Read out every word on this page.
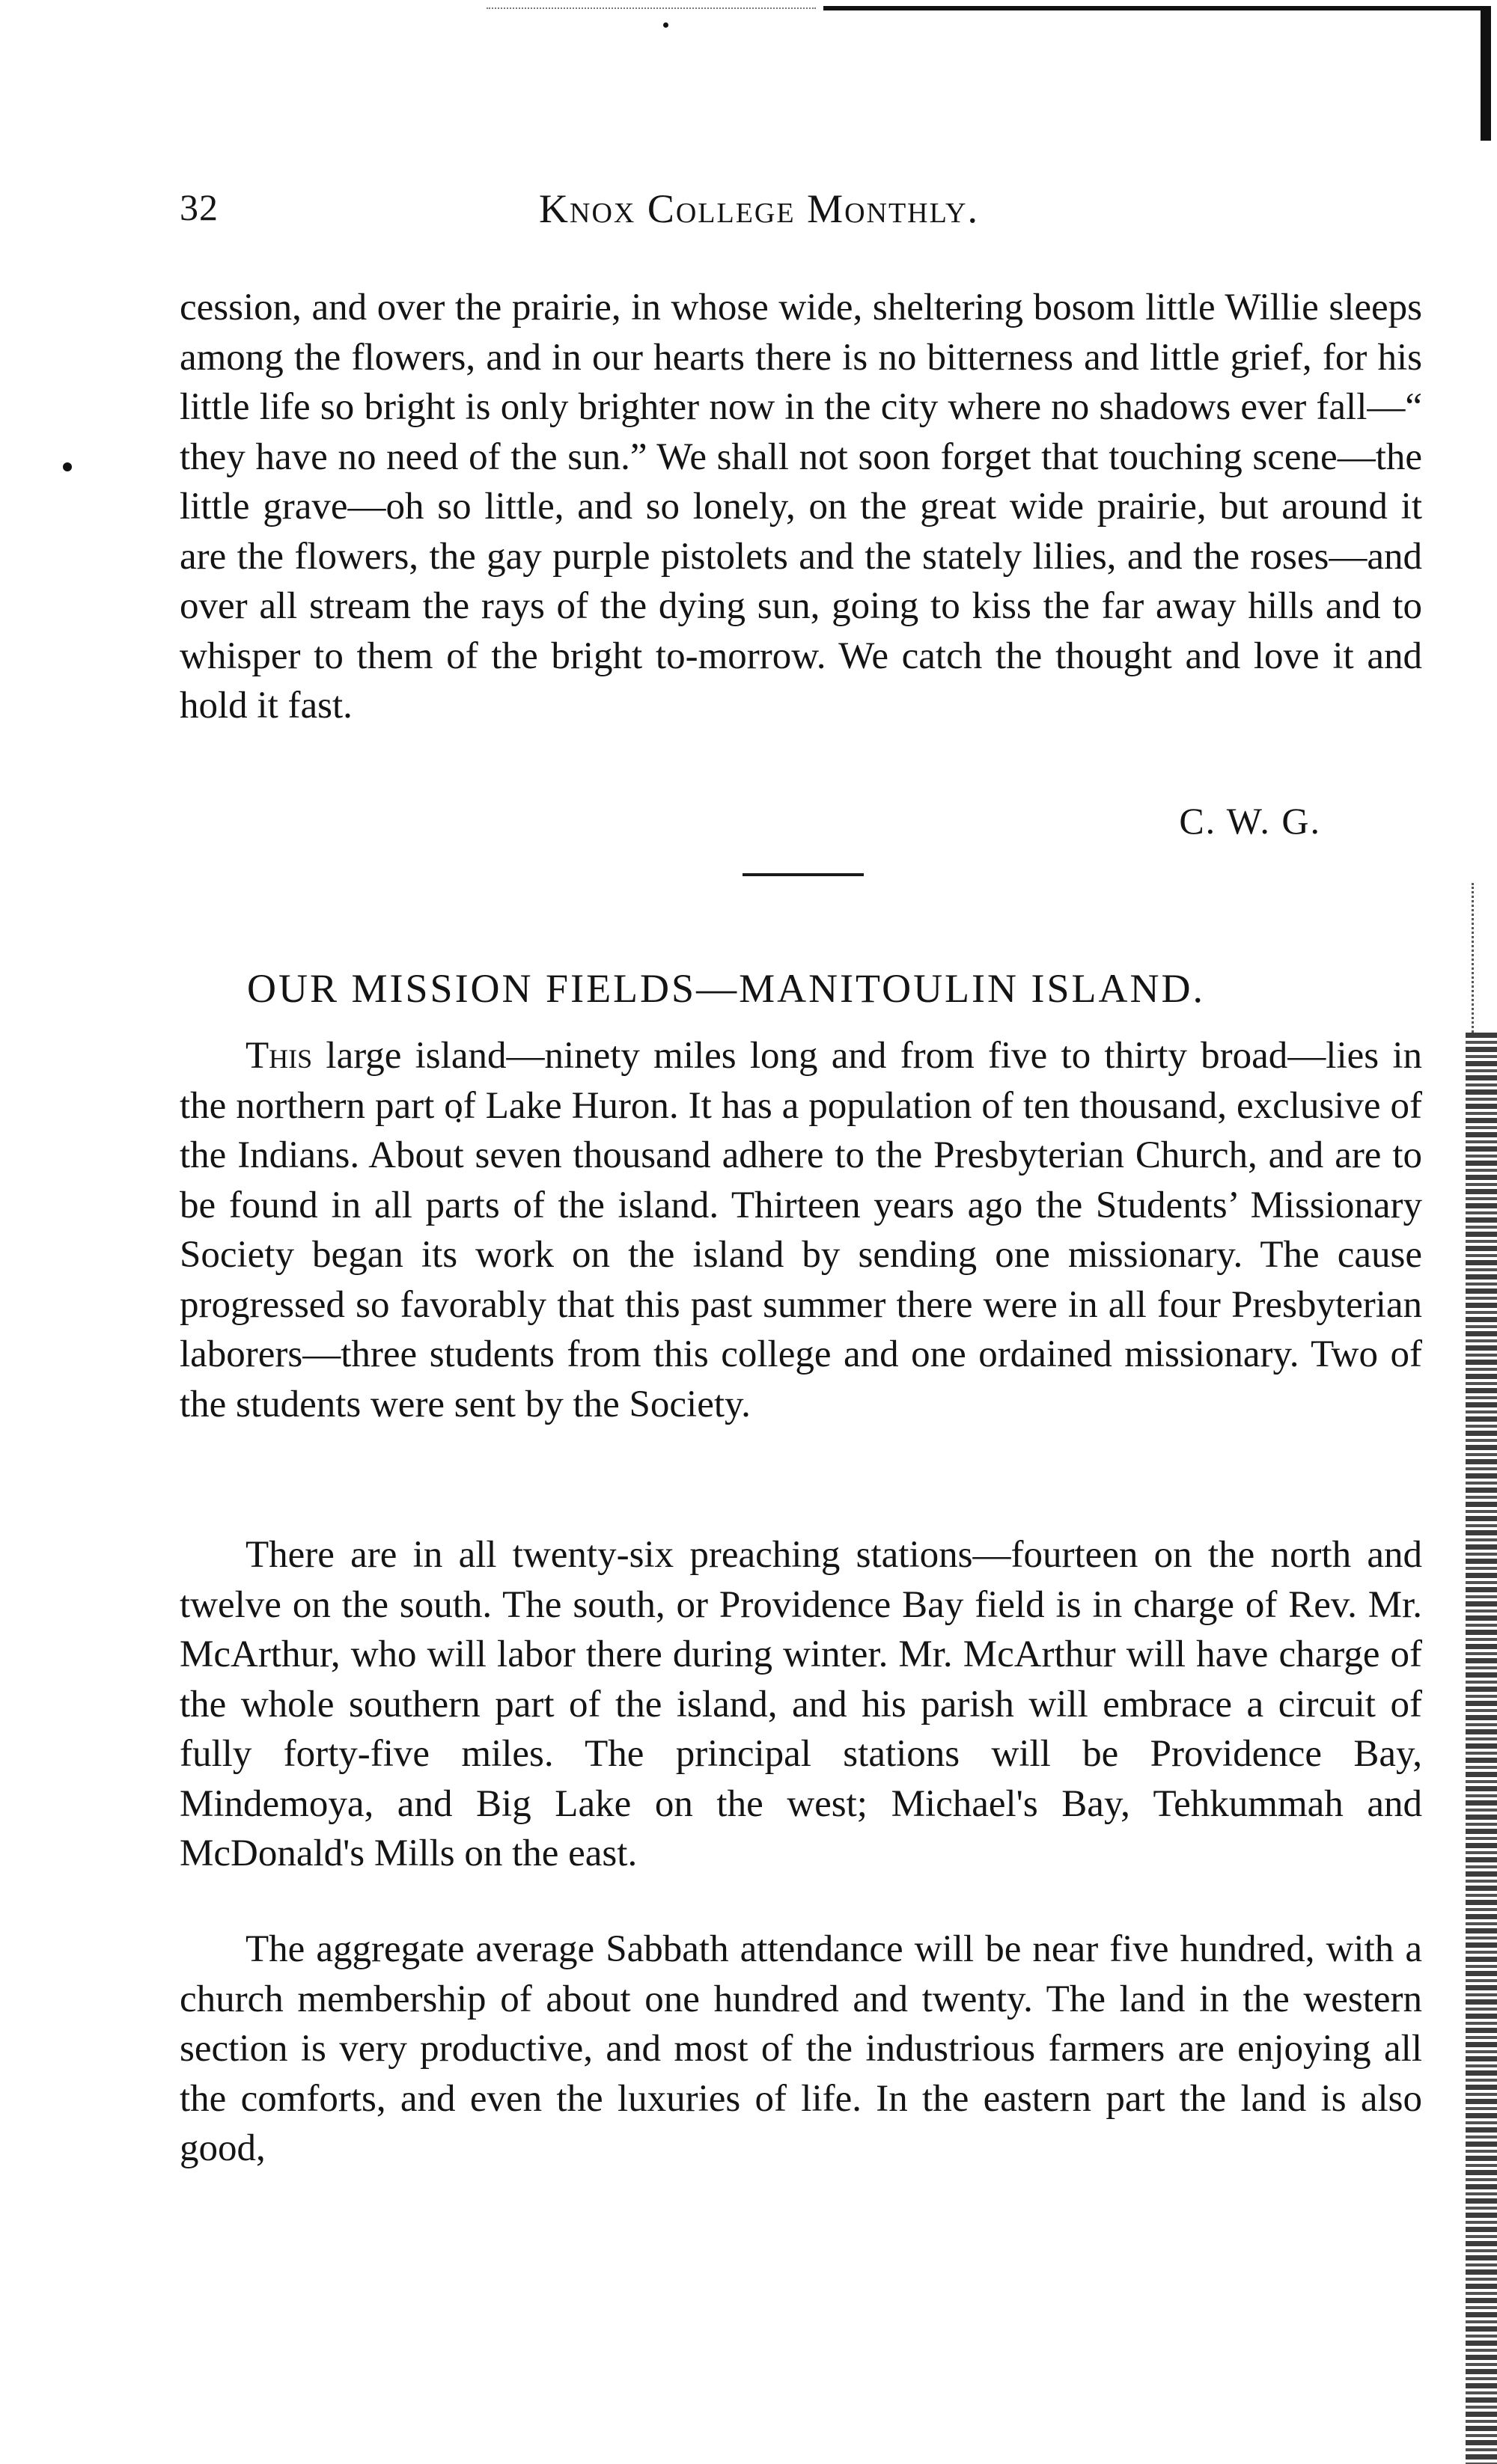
32	Knox College Monthly.

cession, and over the prairie, in whose wide, sheltering bosom little Willie sleeps among the flowers, and in our hearts there is no bitterness and little grief, for his little life so bright is only brighter now in the city where no shadows ever fall—“ they have no need of the sun.” We shall not soon forget that touching scene—the little grave—oh so little, and so lonely, on the great wide prairie, but around it are the flowers, the gay purple pistolets and the stately lilies, and the roses—and over all stream the rays of the dying sun, going to kiss the far away hills and to whisper to them of the bright to-morrow. We catch the thought and love it and hold it fast.

C. W. G.
OUR MISSION FIELDS—MANITOULIN ISLAND.

This large island—ninety miles long and from five to thirty broad—lies in the northern part of Lake Huron. It has a population of ten thousand, exclusive of the Indians. About seven thousand adhere to the Presbyterian Church, and are to be found in all parts of the island. Thirteen years ago the Students’ Missionary Society began its work on the island by sending one missionary. The cause progressed so favorably that this past summer there were in all four Presbyterian laborers—three students from this college and one ordained missionary. Two of the students were sent by the Society.

There are in all twenty-six preaching stations—fourteen on the north and twelve on the south. The south, or Providence Bay field is in charge of Rev. Mr. McArthur, who will labor there during winter. Mr. McArthur will have charge of the whole southern part of the island, and his parish will embrace a circuit of fully forty-five miles. The principal stations will be Providence Bay, Mindemoya, and Big Lake on the west; Michael's Bay, Tehkummah and McDonald's Mills on the east.

The aggregate average Sabbath attendance will be near five hundred, with a church membership of about one hundred and twenty. The land in the western section is very productive, and most of the industrious farmers are enjoying all the comforts, and even the luxuries of life. In the eastern part the land is also good,
